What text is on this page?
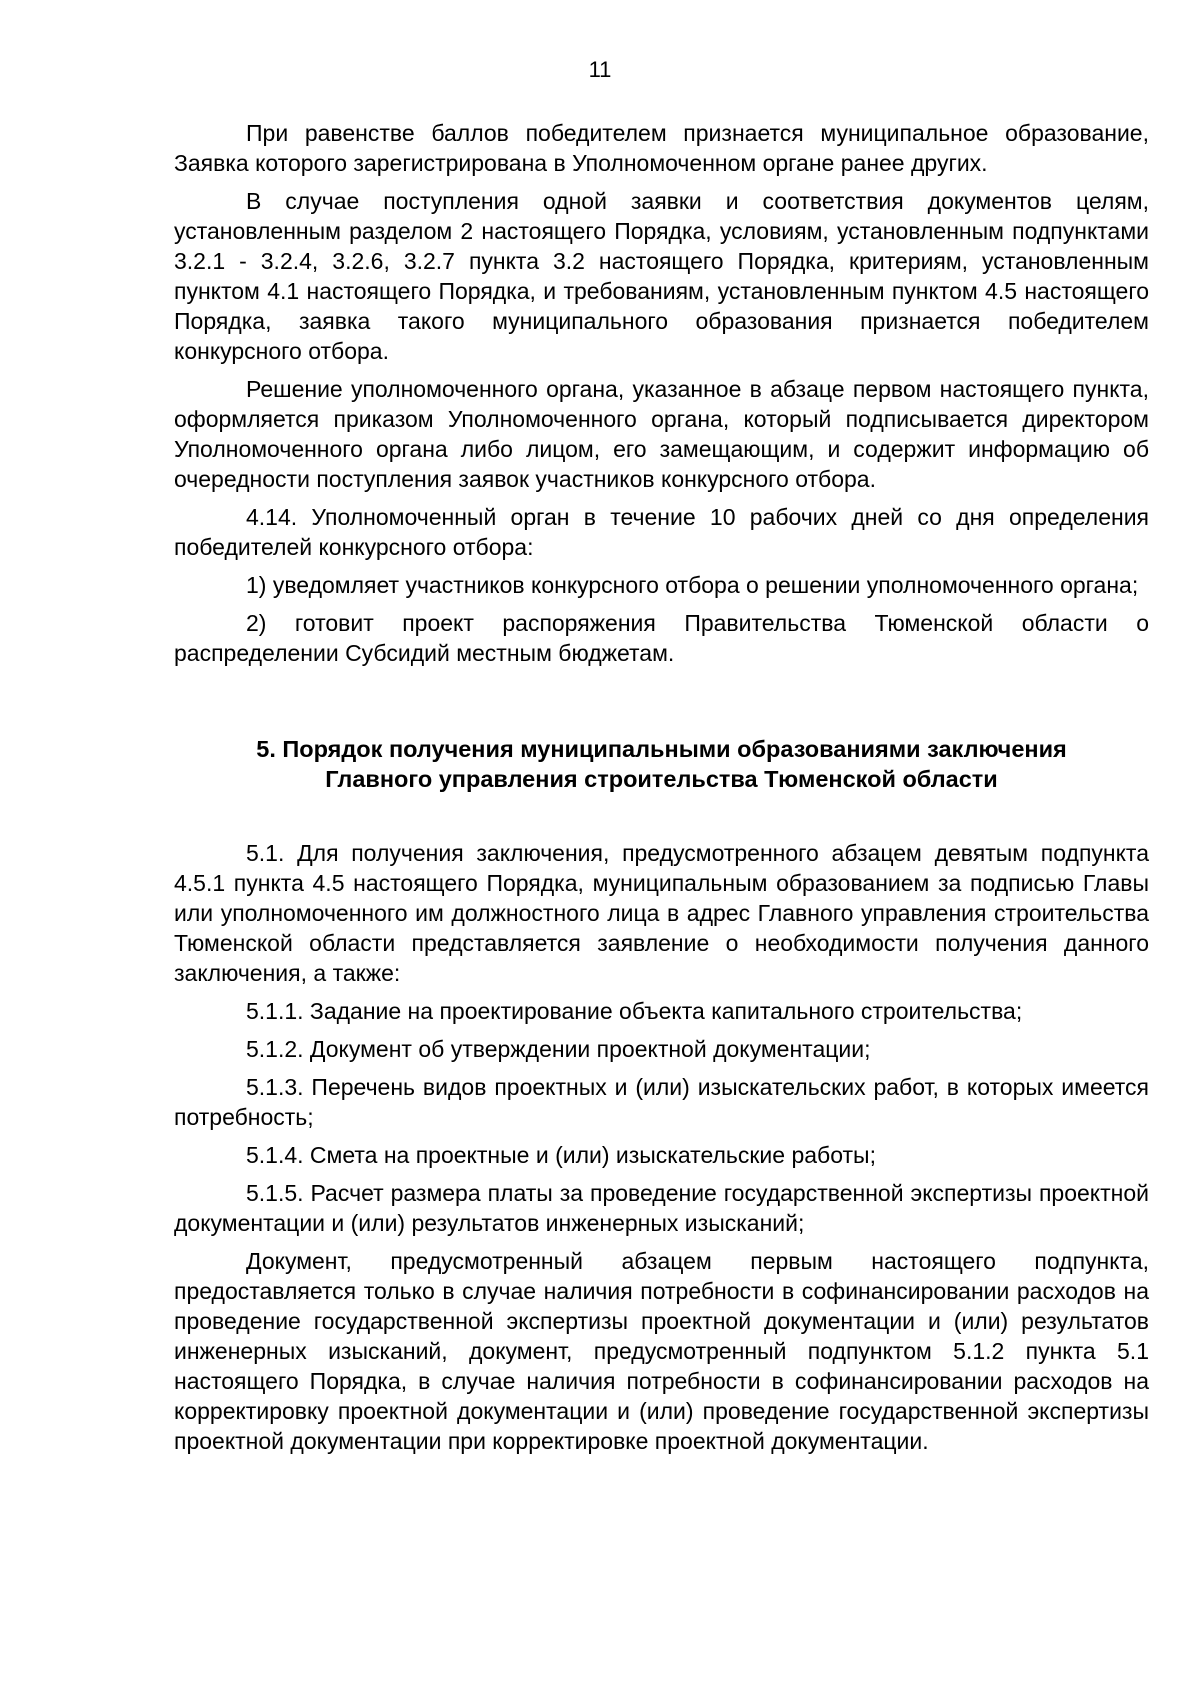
11

При равенстве баллов победителем признается муниципальное образование, Заявка которого зарегистрирована в Уполномоченном органе ранее других.

В случае поступления одной заявки и соответствия документов целям, установленным разделом 2 настоящего Порядка, условиям, установленным подпунктами 3.2.1 - 3.2.4, 3.2.6, 3.2.7 пункта 3.2 настоящего Порядка, критериям, установленным пунктом 4.1 настоящего Порядка, и требованиям, установленным пунктом 4.5 настоящего Порядка, заявка такого муниципального образования признается победителем конкурсного отбора.

Решение уполномоченного органа, указанное в абзаце первом настоящего пункта, оформляется приказом Уполномоченного органа, который подписывается директором Уполномоченного органа либо лицом, его замещающим, и содержит информацию об очередности поступления заявок участников конкурсного отбора.

4.14. Уполномоченный орган в течение 10 рабочих дней со дня определения победителей конкурсного отбора:

1) уведомляет участников конкурсного отбора о решении уполномоченного органа;

2) готовит проект распоряжения Правительства Тюменской области о распределении Субсидий местным бюджетам.

5. Порядок получения муниципальными образованиями заключения
Главного управления строительства Тюменской области

5.1. Для получения заключения, предусмотренного абзацем девятым подпункта 4.5.1 пункта 4.5 настоящего Порядка, муниципальным образованием за подписью Главы или уполномоченного им должностного лица в адрес Главного управления строительства Тюменской области представляется заявление о необходимости получения данного заключения, а также:

5.1.1. Задание на проектирование объекта капитального строительства;

5.1.2. Документ об утверждении проектной документации;

5.1.3. Перечень видов проектных и (или) изыскательских работ, в которых имеется потребность;

5.1.4. Смета на проектные и (или) изыскательские работы;

5.1.5. Расчет размера платы за проведение государственной экспертизы проектной документации и (или) результатов инженерных изысканий;

Документ, предусмотренный абзацем первым настоящего подпункта, предоставляется только в случае наличия потребности в софинансировании расходов на проведение государственной экспертизы проектной документации и (или) результатов инженерных изысканий, документ, предусмотренный подпунктом 5.1.2 пункта 5.1 настоящего Порядка, в случае наличия потребности в софинансировании расходов на корректировку проектной документации и (или) проведение государственной экспертизы проектной документации при корректировке проектной документации.
